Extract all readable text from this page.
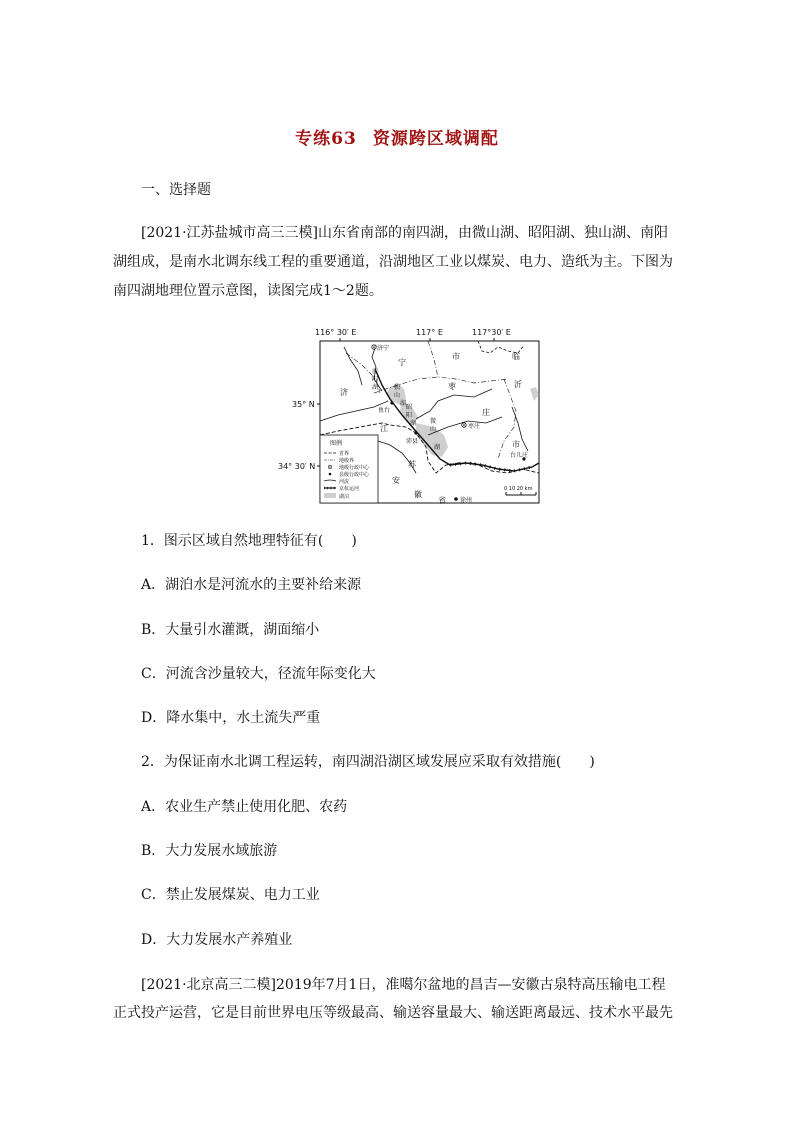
专练63 资源跨区域调配
一、选择题
[2021·江苏盐城市高三三模]山东省南部的南四湖，由微山湖、昭阳湖、独山湖、南阳
湖组成，是南水北调东线工程的重要通道，沿湖地区工业以煤炭、电力、造纸为主。下图为
南四湖地理位置示意图，读图完成1～2题。
116° 30′ E	117° E	117°30′ E
35° N
34° 30′ N
济宁
宁
市	临
沂
济
南
阳
湖	独
山
湖
鱼台	昭
阳
湖
枣
庄
微
山
湖
枣庄
江
沛县
苏
安
徽
省
台儿庄
市
徐州
图例
省界
地级界
地级行政中心
县级行政中心
河流
京杭运河
湖泊
0 10 20 km
1．图示区域自然地理特征有(　　)
A．湖泊水是河流水的主要补给来源
B．大量引水灌溉，湖面缩小
C．河流含沙量较大，径流年际变化大
D．降水集中，水土流失严重
2．为保证南水北调工程运转，南四湖沿湖区域发展应采取有效措施(　　)
A．农业生产禁止使用化肥、农药
B．大力发展水域旅游
C．禁止发展煤炭、电力工业
D．大力发展水产养殖业
[2021·北京高三二模]2019年7月1日，准噶尔盆地的昌吉—安徽古泉特高压输电工程
正式投产运营，它是目前世界电压等级最高、输送容量最大、输送距离最远、技术水平最先
